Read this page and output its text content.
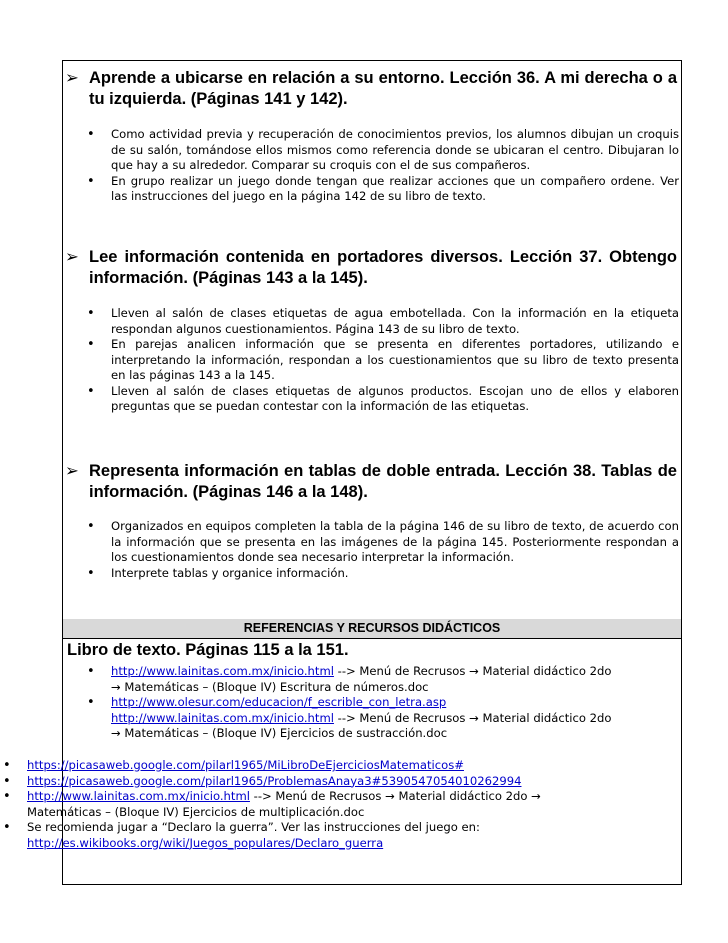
➢ Aprende a ubicarse en relación a su entorno. Lección 36. A mi derecha o a tu izquierda. (Páginas 141 y 142).
• Como actividad previa y recuperación de conocimientos previos, los alumnos dibujan un croquis de su salón, tomándose ellos mismos como referencia donde se ubicaran el centro. Dibujaran lo que hay a su alrededor. Comparar su croquis con el de sus compañeros.
• En grupo realizar un juego donde tengan que realizar acciones que un compañero ordene. Ver las instrucciones del juego en la página 142 de su libro de texto.
➢ Lee información contenida en portadores diversos. Lección 37. Obtengo información. (Páginas 143 a la 145).
• Lleven al salón de clases etiquetas de agua embotellada. Con la información en la etiqueta respondan algunos cuestionamientos. Página 143 de su libro de texto.
• En parejas analicen información que se presenta en diferentes portadores, utilizando e interpretando la información, respondan a los cuestionamientos que su libro de texto presenta en las páginas 143 a la 145.
• Lleven al salón de clases etiquetas de algunos productos. Escojan uno de ellos y elaboren preguntas que se puedan contestar con la información de las etiquetas.
➢ Representa información en tablas de doble entrada. Lección 38. Tablas de información. (Páginas 146 a la 148).
• Organizados en equipos completen la tabla de la página 146 de su libro de texto, de acuerdo con la información que se presenta en las imágenes de la página 145. Posteriormente respondan a los cuestionamientos donde sea necesario interpretar la información.
• Interprete tablas y organice información.
REFERENCIAS Y RECURSOS DIDÁCTICOS
Libro de texto. Páginas 115 a la 151.
• http://www.lainitas.com.mx/inicio.html --> Menú de Recrusos → Material didáctico 2do
→ Matemáticas – (Bloque IV) Escritura de números.doc
• http://www.olesur.com/educacion/f_escrible_con_letra.asp
http://www.lainitas.com.mx/inicio.html --> Menú de Recrusos → Material didáctico 2do
→ Matemáticas – (Bloque IV) Ejercicios de sustracción.doc
• https://picasaweb.google.com/pilarl1965/MiLibroDeEjerciciosMatematicos#
• https://picasaweb.google.com/pilarl1965/ProblemasAnaya3#5390547054010262994
• http://www.lainitas.com.mx/inicio.html --> Menú de Recrusos → Material didáctico 2do →
Matemáticas – (Bloque IV) Ejercicios de multiplicación.doc
• Se recomienda jugar a “Declaro la guerra”. Ver las instrucciones del juego en:
http://es.wikibooks.org/wiki/Juegos_populares/Declaro_guerra
